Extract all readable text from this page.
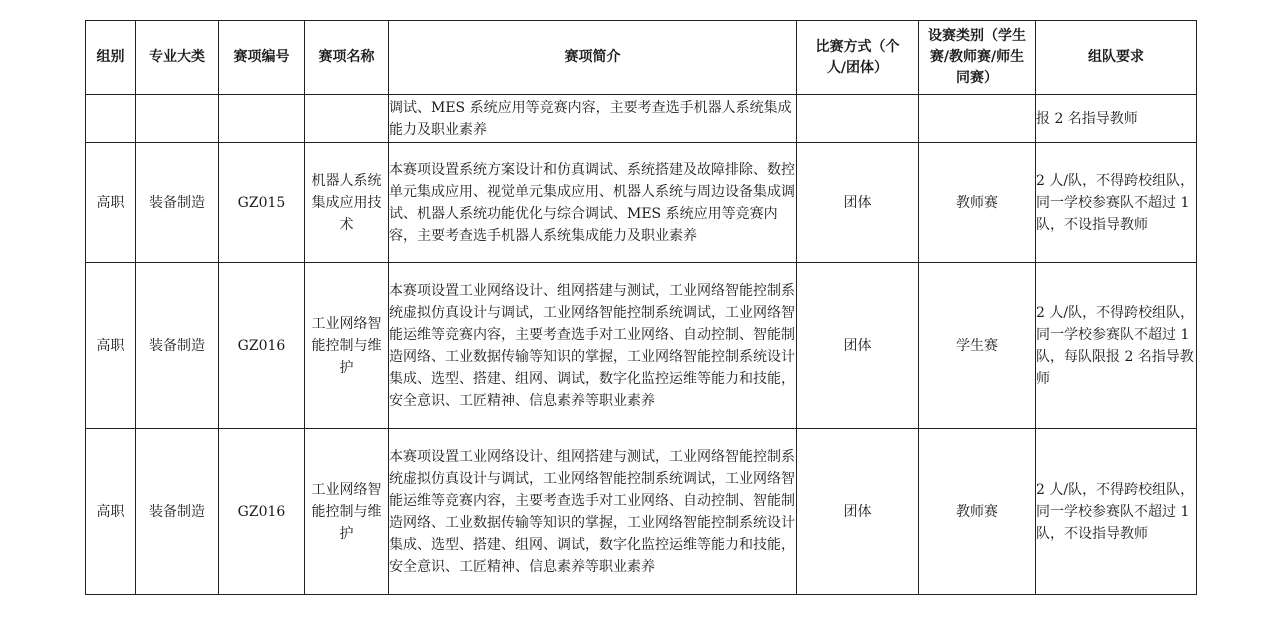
组别	专业大类	赛项编号	赛项名称	赛项简介	比赛方式（个人/团体）	设赛类别（学生赛/教师赛/师生同赛）	组队要求
				调试、MES 系统应用等竞赛内容，主要考查选手机器人系统集成能力及职业素养			报 2 名指导教师
高职	装备制造	GZ015	机器人系统集成应用技术	本赛项设置系统方案设计和仿真调试、系统搭建及故障排除、数控单元集成应用、视觉单元集成应用、机器人系统与周边设备集成调试、机器人系统功能优化与综合调试、MES 系统应用等竞赛内容，主要考查选手机器人系统集成能力及职业素养	团体	教师赛	2 人/队，不得跨校组队，同一学校参赛队不超过 1 队，不设指导教师
高职	装备制造	GZ016	工业网络智能控制与维护	本赛项设置工业网络设计、组网搭建与测试，工业网络智能控制系统虚拟仿真设计与调试，工业网络智能控制系统调试，工业网络智能运维等竞赛内容，主要考查选手对工业网络、自动控制、智能制造网络、工业数据传输等知识的掌握，工业网络智能控制系统设计集成、选型、搭建、组网、调试，数字化监控运维等能力和技能，安全意识、工匠精神、信息素养等职业素养	团体	学生赛	2 人/队，不得跨校组队，同一学校参赛队不超过 1 队，每队限报 2 名指导教师
高职	装备制造	GZ016	工业网络智能控制与维护	本赛项设置工业网络设计、组网搭建与测试，工业网络智能控制系统虚拟仿真设计与调试，工业网络智能控制系统调试，工业网络智能运维等竞赛内容，主要考查选手对工业网络、自动控制、智能制造网络、工业数据传输等知识的掌握，工业网络智能控制系统设计集成、选型、搭建、组网、调试，数字化监控运维等能力和技能，安全意识、工匠精神、信息素养等职业素养	团体	教师赛	2 人/队，不得跨校组队，同一学校参赛队不超过 1 队，不设指导教师
